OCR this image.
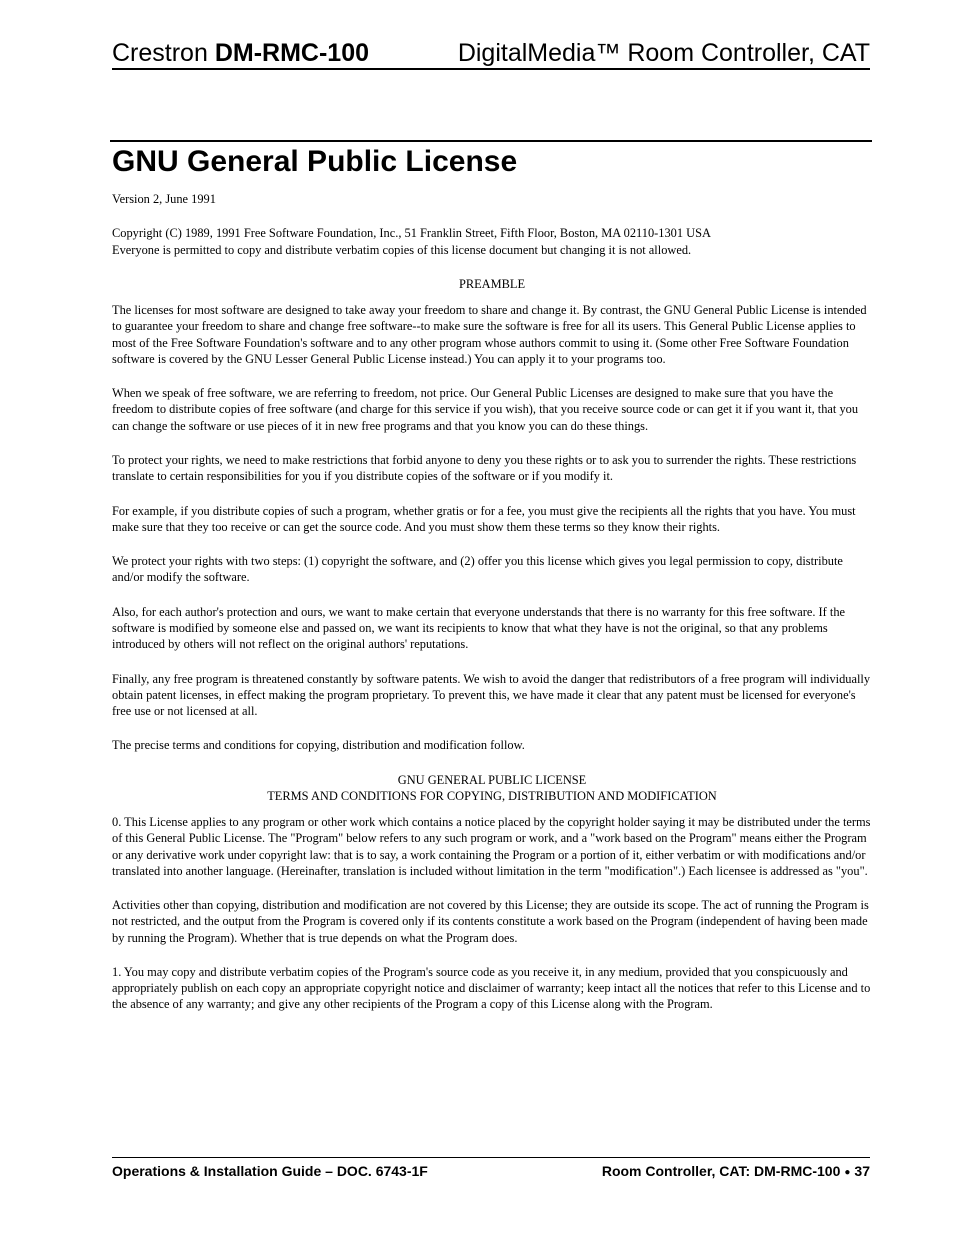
Crestron DM-RMC-100	DigitalMedia™ Room Controller, CAT
GNU General Public License

Version 2, June 1991

Copyright (C) 1989, 1991 Free Software Foundation, Inc., 51 Franklin Street, Fifth Floor, Boston, MA 02110-1301 USA

Everyone is permitted to copy and distribute verbatim copies of this license document but changing it is not allowed.

PREAMBLE

The licenses for most software are designed to take away your freedom to share and change it. By contrast, the GNU General Public License is intended to guarantee your freedom to share and change free software--to make sure the software is free for all its users. This General Public License applies to most of the Free Software Foundation's software and to any other program whose authors commit to using it. (Some other Free Software Foundation software is covered by the GNU Lesser General Public License instead.) You can apply it to your programs too.

When we speak of free software, we are referring to freedom, not price. Our General Public Licenses are designed to make sure that you have the freedom to distribute copies of free software (and charge for this service if you wish), that you receive source code or can get it if you want it, that you can change the software or use pieces of it in new free programs and that you know you can do these things.

To protect your rights, we need to make restrictions that forbid anyone to deny you these rights or to ask you to surrender the rights. These restrictions translate to certain responsibilities for you if you distribute copies of the software or if you modify it.

For example, if you distribute copies of such a program, whether gratis or for a fee, you must give the recipients all the rights that you have. You must make sure that they too receive or can get the source code. And you must show them these terms so they know their rights.

We protect your rights with two steps: (1) copyright the software, and (2) offer you this license which gives you legal permission to copy, distribute and/or modify the software.

Also, for each author's protection and ours, we want to make certain that everyone understands that there is no warranty for this free software. If the software is modified by someone else and passed on, we want its recipients to know that what they have is not the original, so that any problems introduced by others will not reflect on the original authors' reputations.

Finally, any free program is threatened constantly by software patents. We wish to avoid the danger that redistributors of a free program will individually obtain patent licenses, in effect making the program proprietary. To prevent this, we have made it clear that any patent must be licensed for everyone's free use or not licensed at all.

The precise terms and conditions for copying, distribution and modification follow.

GNU GENERAL PUBLIC LICENSE

TERMS AND CONDITIONS FOR COPYING, DISTRIBUTION AND MODIFICATION

0. This License applies to any program or other work which contains a notice placed by the copyright holder saying it may be distributed under the terms of this General Public License. The "Program" below refers to any such program or work, and a "work based on the Program" means either the Program or any derivative work under copyright law: that is to say, a work containing the Program or a portion of it, either verbatim or with modifications and/or translated into another language. (Hereinafter, translation is included without limitation in the term "modification".) Each licensee is addressed as "you".

Activities other than copying, distribution and modification are not covered by this License; they are outside its scope. The act of running the Program is not restricted, and the output from the Program is covered only if its contents constitute a work based on the Program (independent of having been made by running the Program). Whether that is true depends on what the Program does.

1. You may copy and distribute verbatim copies of the Program's source code as you receive it, in any medium, provided that you conspicuously and appropriately publish on each copy an appropriate copyright notice and disclaimer of warranty; keep intact all the notices that refer to this License and to the absence of any warranty; and give any other recipients of the Program a copy of this License along with the Program.

Operations & Installation Guide – DOC. 6743-1F	Room Controller, CAT: DM-RMC-100 ● 37
